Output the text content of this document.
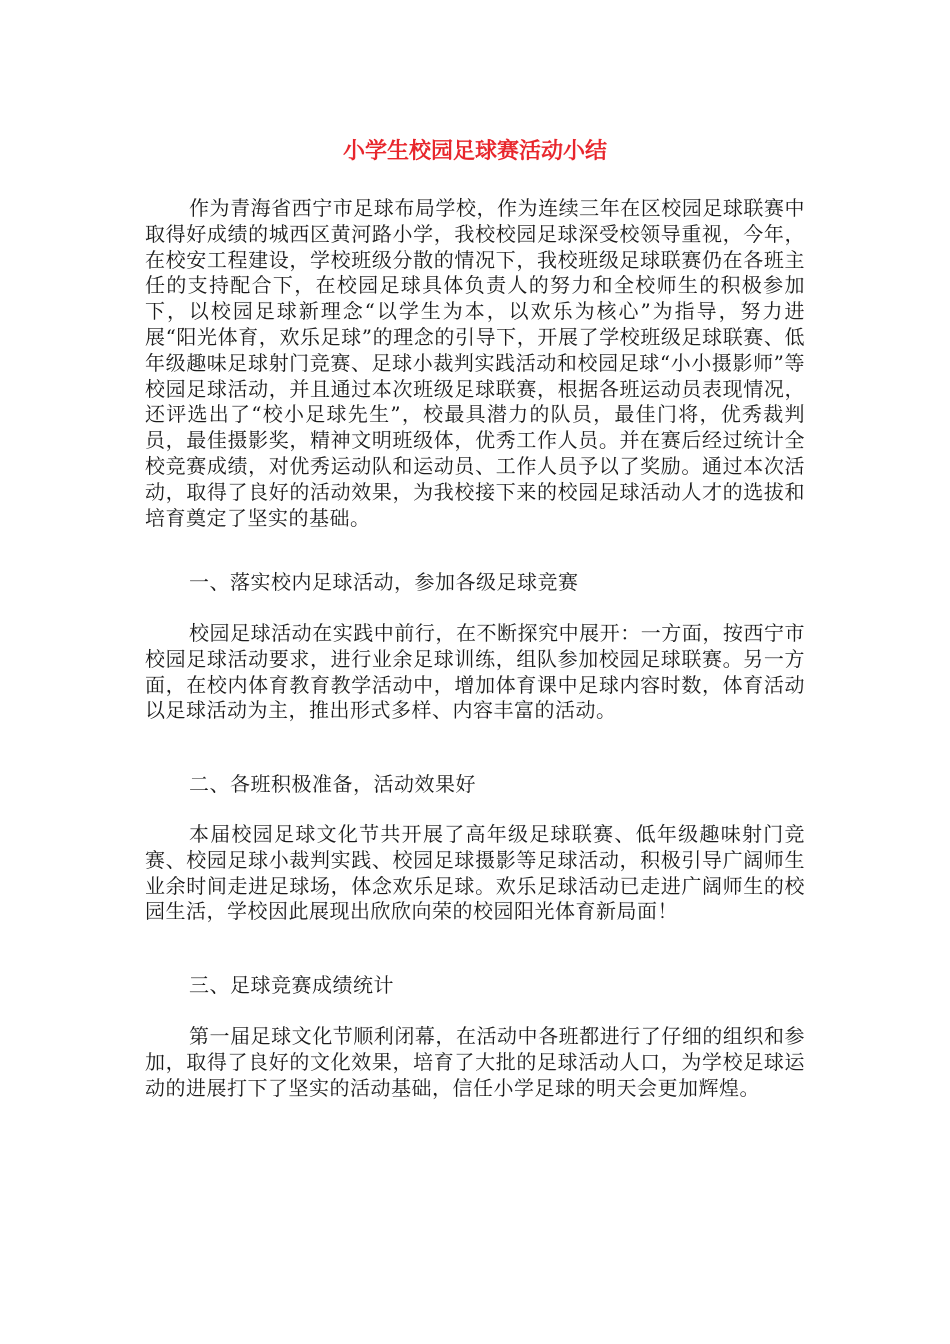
小学生校园足球赛活动小结

作为青海省西宁市足球布局学校，作为连续三年在区校园足球联赛中取得好成绩的城西区黄河路小学，我校校园足球深受校领导重视，今年，在校安工程建设，学校班级分散的情况下，我校班级足球联赛仍在各班主任的支持配合下，在校园足球具体负责人的努力和全校师生的积极参加下，以校园足球新理念“以学生为本，以欢乐为核心”为指导，努力进展“阳光体育，欢乐足球”的理念的引导下，开展了学校班级足球联赛、低年级趣味足球射门竞赛、足球小裁判实践活动和校园足球“小小摄影师”等校园足球活动，并且通过本次班级足球联赛，根据各班运动员表现情况，还评选出了“校小足球先生”，校最具潜力的队员，最佳门将，优秀裁判员，最佳摄影奖，精神文明班级体，优秀工作人员。并在赛后经过统计全校竞赛成绩，对优秀运动队和运动员、工作人员予以了奖励。通过本次活动，取得了良好的活动效果，为我校接下来的校园足球活动人才的选拔和培育奠定了坚实的基础。

一、落实校内足球活动，参加各级足球竞赛

校园足球活动在实践中前行，在不断探究中展开：一方面，按西宁市校园足球活动要求，进行业余足球训练，组队参加校园足球联赛。另一方面，在校内体育教育教学活动中，增加体育课中足球内容时数，体育活动以足球活动为主，推出形式多样、内容丰富的活动。

二、各班积极准备，活动效果好

本届校园足球文化节共开展了高年级足球联赛、低年级趣味射门竞赛、校园足球小裁判实践、校园足球摄影等足球活动，积极引导广阔师生业余时间走进足球场，体念欢乐足球。欢乐足球活动已走进广阔师生的校园生活，学校因此展现出欣欣向荣的校园阳光体育新局面！

三、足球竞赛成绩统计

第一届足球文化节顺利闭幕，在活动中各班都进行了仔细的组织和参加，取得了良好的文化效果，培育了大批的足球活动人口，为学校足球运动的进展打下了坚实的活动基础，信任小学足球的明天会更加辉煌。
